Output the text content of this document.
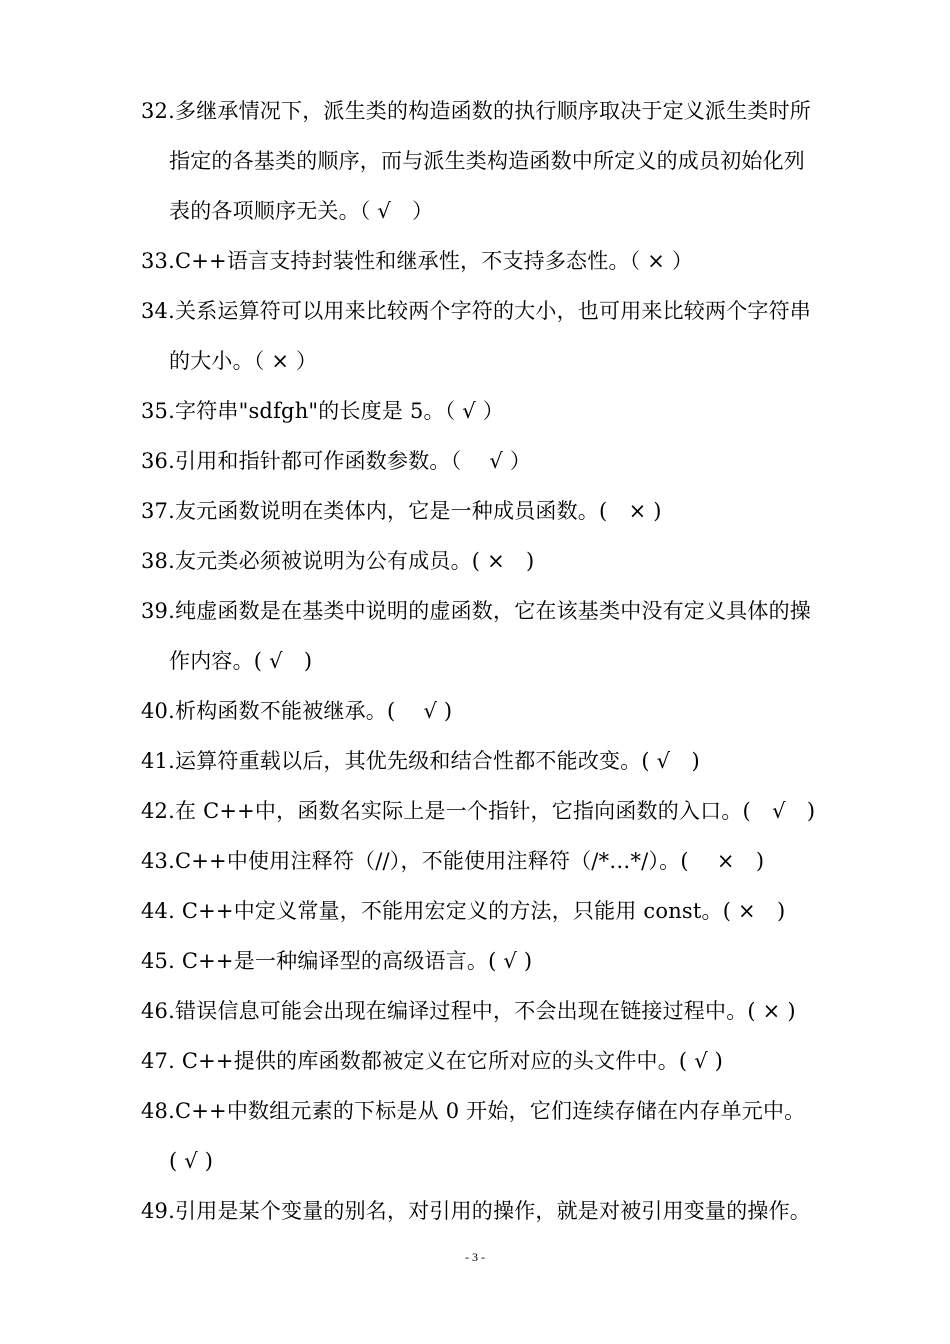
32.多继承情况下，派生类的构造函数的执行顺序取决于定义派生类时所
指定的各基类的顺序，而与派生类构造函数中所定义的成员初始化列
表的各项顺序无关。（ √　）
33.C++语言支持封装性和继承性，不支持多态性。（ × ）
34.关系运算符可以用来比较两个字符的大小，也可用来比较两个字符串
的大小。（ × ）
35.字符串"sdfgh"的长度是 5。（ √ ）
36.引用和指针都可作函数参数。（　 √ ）
37.友元函数说明在类体内，它是一种成员函数。(　× )
38.友元类必须被说明为公有成员。( ×　)
39.纯虚函数是在基类中说明的虚函数，它在该基类中没有定义具体的操
作内容。( √　)
40.析构函数不能被继承。(　 √ )
41.运算符重载以后，其优先级和结合性都不能改变。( √　)
42.在 C++中，函数名实际上是一个指针，它指向函数的入口。(　√　)
43.C++中使用注释符（//），不能使用注释符（/*…*/）。(　 ×　)
44. C++中定义常量，不能用宏定义的方法，只能用 const。( ×　)
45. C++是一种编译型的高级语言。( √ )
46.错误信息可能会出现在编译过程中，不会出现在链接过程中。( × )
47. C++提供的库函数都被定义在它所对应的头文件中。( √ )
48.C++中数组元素的下标是从 0 开始，它们连续存储在内存单元中。
( √ )
49.引用是某个变量的别名，对引用的操作，就是对被引用变量的操作。
- 3 -
